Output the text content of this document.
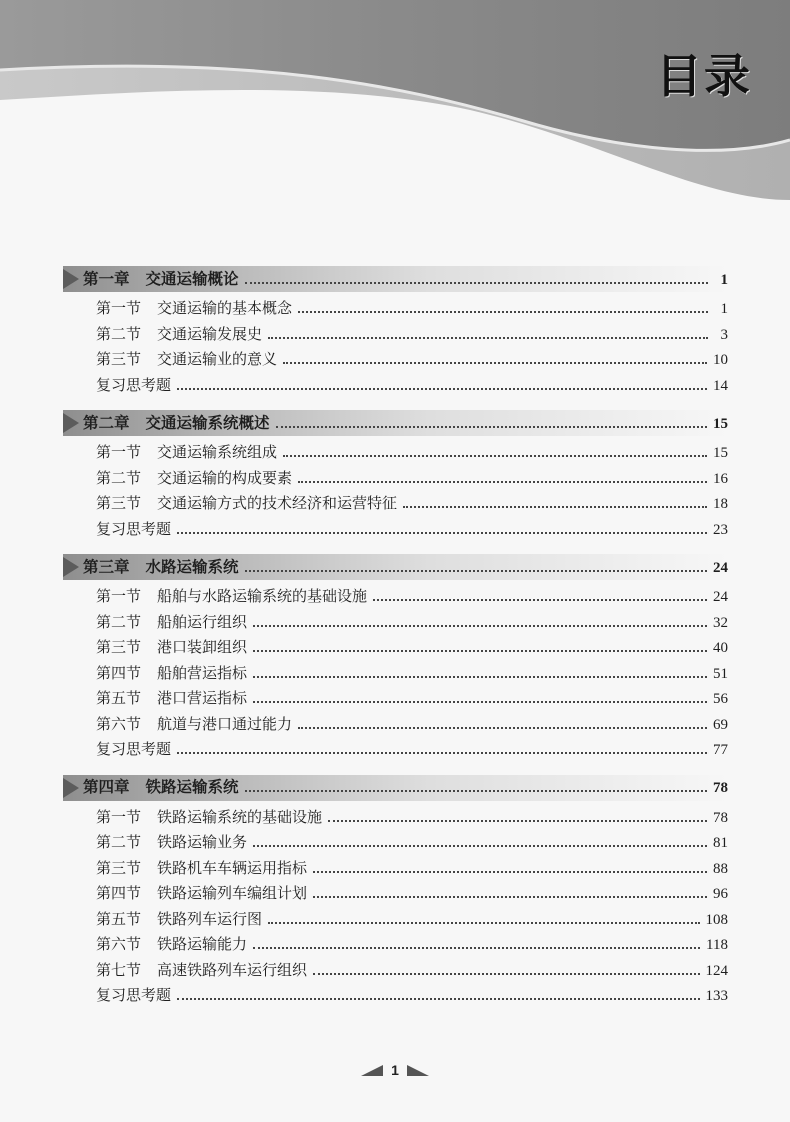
目录
第一章 交通运输概论	1
第一节 交通运输的基本概念	1
第二节 交通运输发展史	3
第三节 交通运输业的意义	10
复习思考题	14
第二章 交通运输系统概述	15
第一节 交通运输系统组成	15
第二节 交通运输的构成要素	16
第三节 交通运输方式的技术经济和运营特征	18
复习思考题	23
第三章 水路运输系统	24
第一节 船舶与水路运输系统的基础设施	24
第二节 船舶运行组织	32
第三节 港口装卸组织	40
第四节 船舶营运指标	51
第五节 港口营运指标	56
第六节 航道与港口通过能力	69
复习思考题	77
第四章 铁路运输系统	78
第一节 铁路运输系统的基础设施	78
第二节 铁路运输业务	81
第三节 铁路机车车辆运用指标	88
第四节 铁路运输列车编组计划	96
第五节 铁路列车运行图	108
第六节 铁路运输能力	118
第七节 高速铁路列车运行组织	124
复习思考题	133
1
